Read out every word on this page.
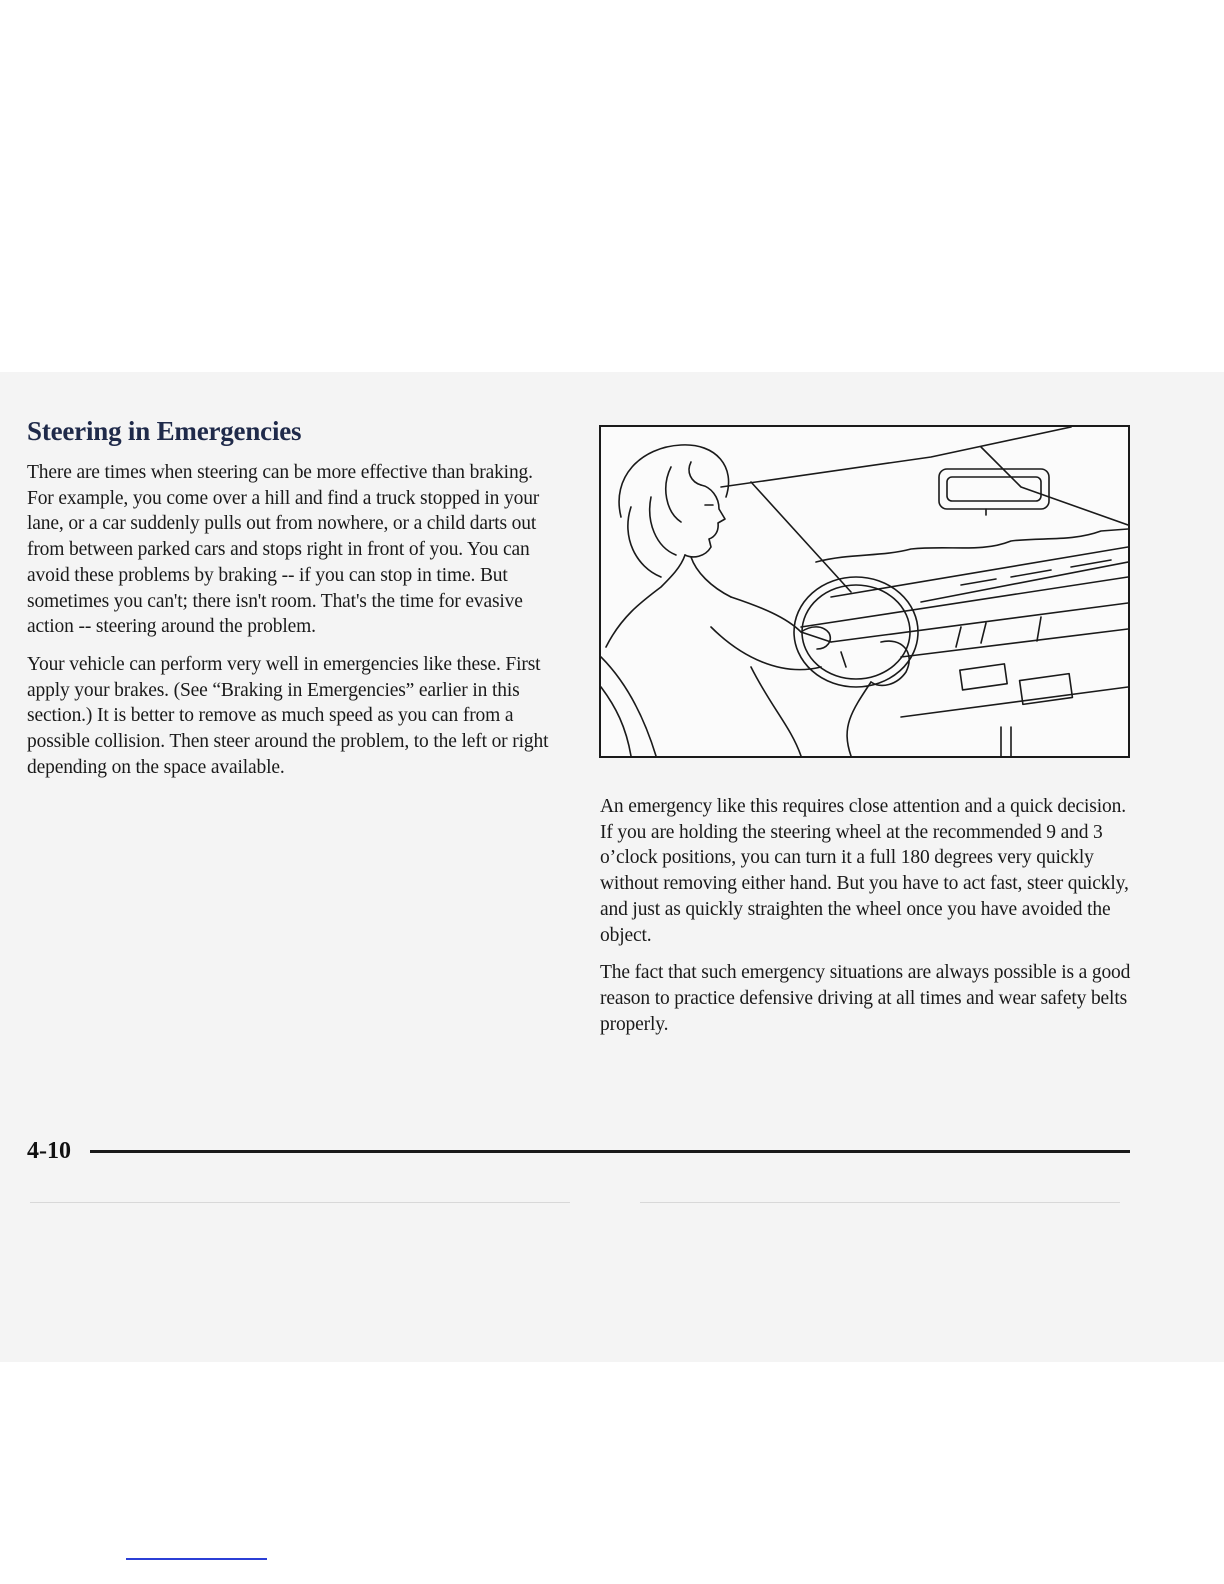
Steering in Emergencies

There are times when steering can be more effective than braking. For example, you come over a hill and find a truck stopped in your lane, or a car suddenly pulls out from nowhere, or a child darts out from between parked cars and stops right in front of you. You can avoid these problems by braking -- if you can stop in time. But sometimes you can't; there isn't room. That's the time for evasive action -- steering around the problem.

Your vehicle can perform very well in emergencies like these. First apply your brakes. (See “Braking in Emergencies” earlier in this section.) It is better to remove as much speed as you can from a possible collision. Then steer around the problem, to the left or right depending on the space available.

An emergency like this requires close attention and a quick decision. If you are holding the steering wheel at the recommended 9 and 3 o’clock positions, you can turn it a full 180 degrees very quickly without removing either hand. But you have to act fast, steer quickly, and just as quickly straighten the wheel once you have avoided the object.

The fact that such emergency situations are always possible is a good reason to practice defensive driving at all times and wear safety belts properly.

4-10
